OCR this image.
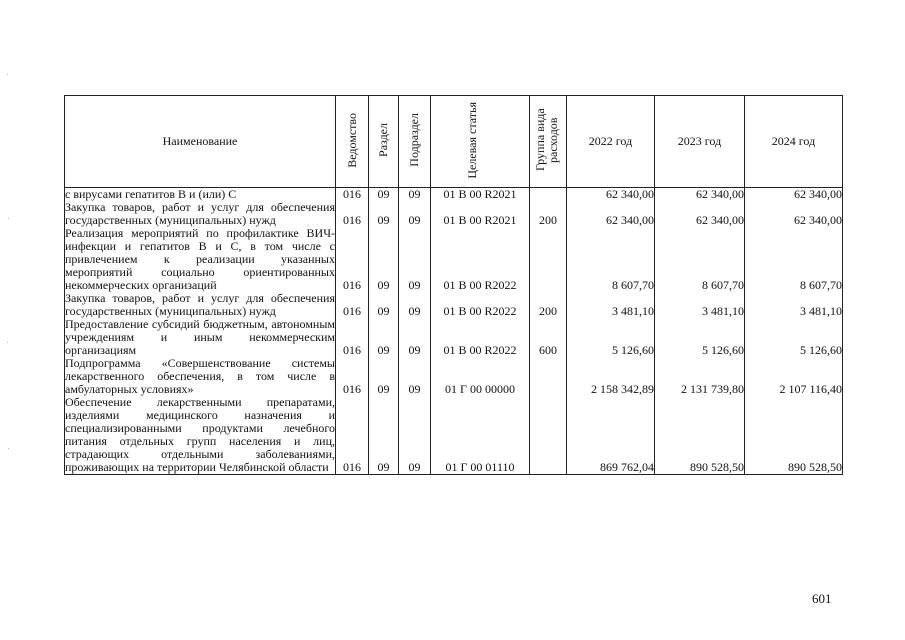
Наименование	Ведомство	Раздел	Подраздел	Целевая статья	Группа вида расходов	2022 год	2023 год	2024 год
с вирусами гепатитов В и (или) С	016	09	09	01 В 00 R2021		62 340,00	62 340,00	62 340,00
Закупка товаров, работ и услуг для обеспечения государственных (муниципальных) нужд	016	09	09	01 В 00 R2021	200	62 340,00	62 340,00	62 340,00
Реализация мероприятий по профилактике ВИЧ-инфекции и гепатитов В и С, в том числе с привлечением к реализации указанных мероприятий социально ориентированных некоммерческих организаций	016	09	09	01 В 00 R2022		8 607,70	8 607,70	8 607,70
Закупка товаров, работ и услуг для обеспечения государственных (муниципальных) нужд	016	09	09	01 В 00 R2022	200	3 481,10	3 481,10	3 481,10
Предоставление субсидий бюджетным, автономным учреждениям и иным некоммерческим организациям	016	09	09	01 В 00 R2022	600	5 126,60	5 126,60	5 126,60
Подпрограмма «Совершенствование системы лекарственного обеспечения, в том числе в амбулаторных условиях»	016	09	09	01 Г 00 00000		2 158 342,89	2 131 739,80	2 107 116,40
Обеспечение лекарственными препаратами, изделиями медицинского назначения и специализированными продуктами лечебного питания отдельных групп населения и лиц, страдающих отдельными заболеваниями, проживающих на территории Челябинской области	016	09	09	01 Г 00 01110		869 762,04	890 528,50	890 528,50
601
